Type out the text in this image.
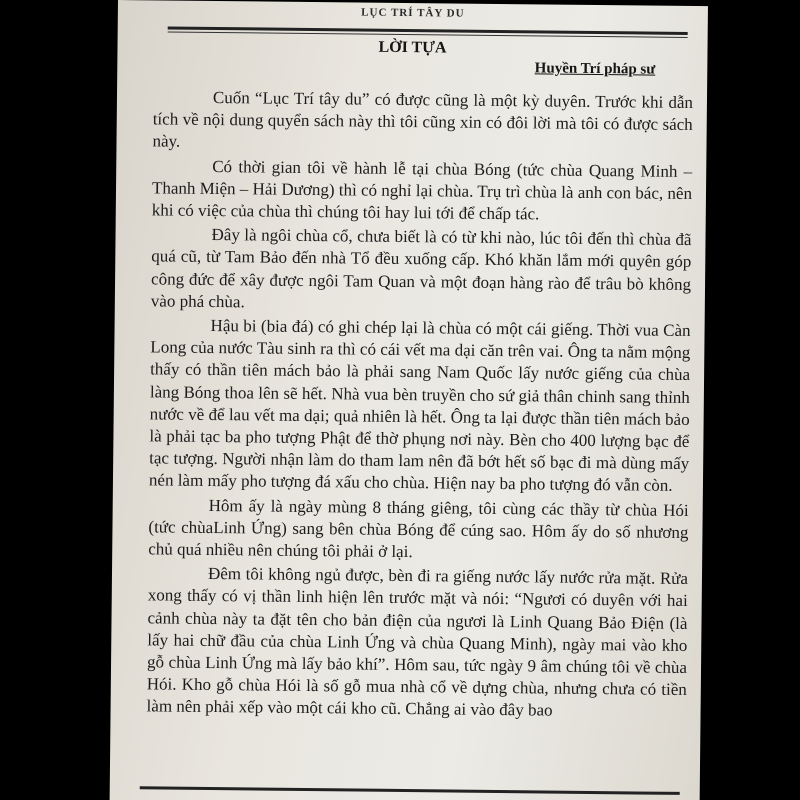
LỤC TRÍ TÂY DU
LỜI TỰA
Huyền Trí pháp sư

Cuốn “Lục Trí tây du” có được cũng là một kỳ duyên. Trước khi dẫn tích về nội dung quyển sách này thì tôi cũng xin có đôi lời mà tôi có được sách này.

Có thời gian tôi về hành lễ tại chùa Bóng (tức chùa Quang Minh – Thanh Miện – Hải Dương) thì có nghỉ lại chùa. Trụ trì chùa là anh con bác, nên khi có việc của chùa thì chúng tôi hay lui tới để chấp tác.

Đây là ngôi chùa cổ, chưa biết là có từ khi nào, lúc tôi đến thì chùa đã quá cũ, từ Tam Bảo đến nhà Tổ đều xuống cấp. Khó khăn lắm mới quyên góp công đức để xây được ngôi Tam Quan và một đoạn hàng rào để trâu bò không vào phá chùa.

Hậu bi (bia đá) có ghi chép lại là chùa có một cái giếng. Thời vua Càn Long của nước Tàu sinh ra thì có cái vết ma dại căn trên vai. Ông ta nằm mộng thấy có thần tiên mách bảo là phải sang Nam Quốc lấy nước giếng của chùa làng Bóng thoa lên sẽ hết. Nhà vua bèn truyền cho sứ giả thân chinh sang thỉnh nước về để lau vết ma dại; quả nhiên là hết. Ông ta lại được thần tiên mách bảo là phải tạc ba pho tượng Phật để thờ phụng nơi này. Bèn cho 400 lượng bạc để tạc tượng. Người nhận làm do tham lam nên đã bớt hết số bạc đi mà dùng mấy nén làm mấy pho tượng đá xấu cho chùa. Hiện nay ba pho tượng đó vẫn còn.

Hôm ấy là ngày mùng 8 tháng giêng, tôi cùng các thầy từ chùa Hói (tức chùaLinh Ứng) sang bên chùa Bóng để cúng sao. Hôm ấy do số nhương chủ quá nhiều nên chúng tôi phải ở lại.

Đêm tôi không ngủ được, bèn đi ra giếng nước lấy nước rửa mặt. Rửa xong thấy có vị thần linh hiện lên trước mặt và nói: “Ngươi có duyên với hai cảnh chùa này ta đặt tên cho bản điện của ngươi là Linh Quang Bảo Điện (là lấy hai chữ đầu của chùa Linh Ứng và chùa Quang Minh), ngày mai vào kho gỗ chùa Linh Ứng mà lấy bảo khí”. Hôm sau, tức ngày 9 âm chúng tôi về chùa Hói. Kho gỗ chùa Hói là số gỗ mua nhà cổ về dựng chùa, nhưng chưa có tiền làm nên phải xếp vào một cái kho cũ. Chẳng ai vào đây bao
